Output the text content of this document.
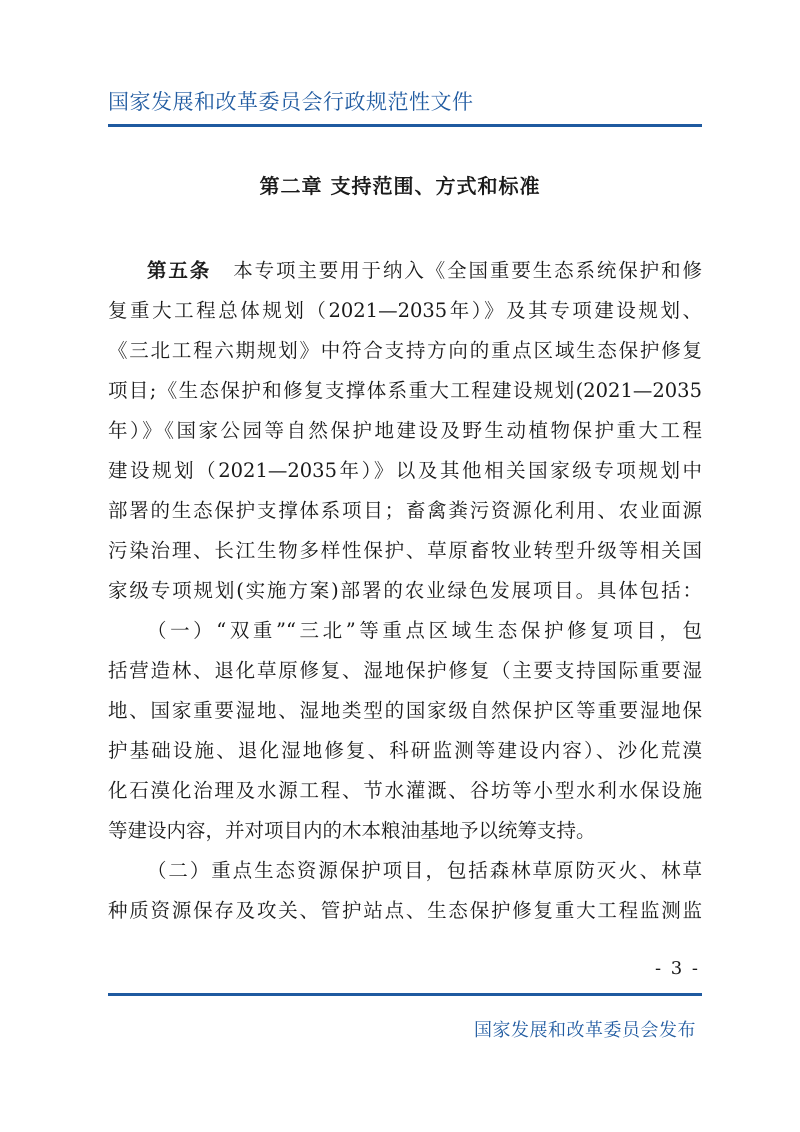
国家发展和改革委员会行政规范性文件
第二章 支持范围、方式和标准
第五条 本专项主要用于纳入《全国重要生态系统保护和修
复重大工程总体规划（2021—2035年）》及其专项建设规划、
《三北工程六期规划》中符合支持方向的重点区域生态保护修复
项目;《生态保护和修复支撑体系重大工程建设规划(2021—2035
年）》《国家公园等自然保护地建设及野生动植物保护重大工程
建设规划（2021—2035年）》以及其他相关国家级专项规划中
部署的生态保护支撑体系项目；畜禽粪污资源化利用、农业面源
污染治理、长江生物多样性保护、草原畜牧业转型升级等相关国
家级专项规划(实施方案)部署的农业绿色发展项目。具体包括：
（一）“双重”“三北”等重点区域生态保护修复项目，包
括营造林、退化草原修复、湿地保护修复（主要支持国际重要湿
地、国家重要湿地、湿地类型的国家级自然保护区等重要湿地保
护基础设施、退化湿地修复、科研监测等建设内容）、沙化荒漠
化石漠化治理及水源工程、节水灌溉、谷坊等小型水利水保设施
等建设内容，并对项目内的木本粮油基地予以统筹支持。
（二）重点生态资源保护项目，包括森林草原防灭火、林草
种质资源保存及攻关、管护站点、生态保护修复重大工程监测监
- 3 -
国家发展和改革委员会发布
